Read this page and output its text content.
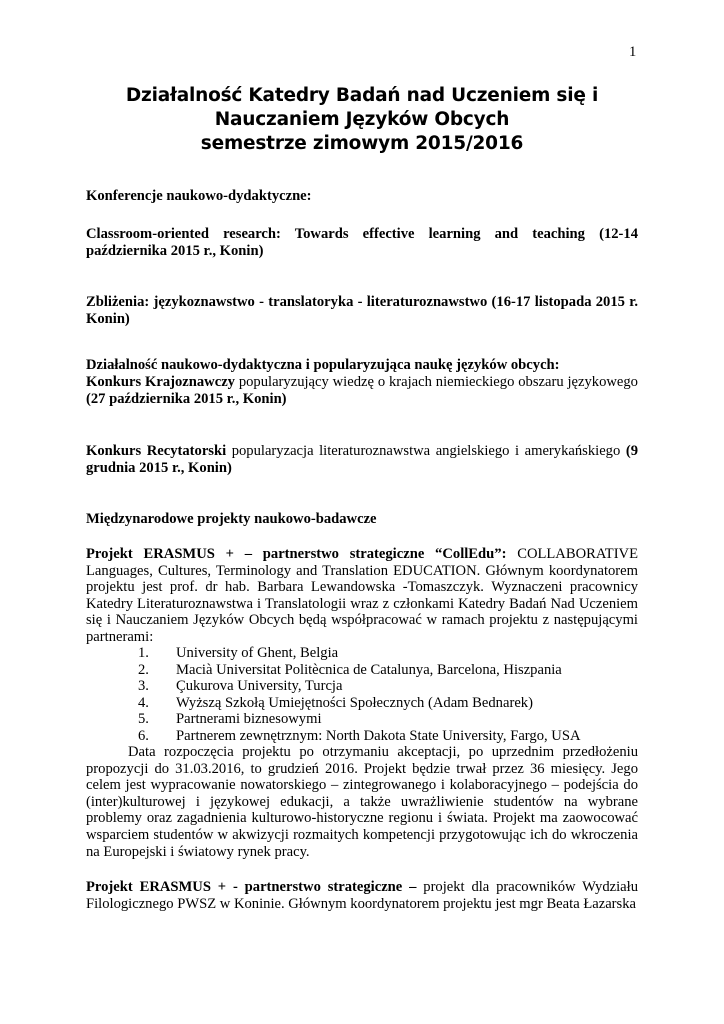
1
Działalność Katedry Badań nad Uczeniem się i
Nauczaniem Języków Obcych
semestrze zimowym 2015/2016
Konferencje naukowo-dydaktyczne:
Classroom-oriented research: Towards effective learning and teaching (12-14 października 2015 r., Konin)
Zbliżenia: językoznawstwo - translatoryka - literaturoznawstwo (16-17 listopada 2015 r. Konin)
Działalność naukowo-dydaktyczna i popularyzująca naukę języków obcych:
Konkurs Krajoznawczy popularyzujący wiedzę o krajach niemieckiego obszaru językowego (27 października 2015 r., Konin)
Konkurs Recytatorski popularyzacja literaturoznawstwa angielskiego i amerykańskiego (9 grudnia 2015 r., Konin)
Międzynarodowe projekty naukowo-badawcze
Projekt ERASMUS + – partnerstwo strategiczne “CollEdu”: COLLABORATIVE Languages, Cultures, Terminology and Translation EDUCATION. Głównym koordynatorem projektu jest prof. dr hab. Barbara Lewandowska -Tomaszczyk. Wyznaczeni pracownicy Katedry Literaturoznawstwa i Translatologii wraz z członkami Katedry Badań Nad Uczeniem się i Nauczaniem Języków Obcych będą współpracować w ramach projektu z następującymi partnerami:
1. University of Ghent, Belgia
2. Macià Universitat Politècnica de Catalunya, Barcelona, Hiszpania
3. Çukurova University, Turcja
4. Wyższą Szkołą Umiejętności Społecznych (Adam Bednarek)
5. Partnerami biznesowymi
6. Partnerem zewnętrznym: North Dakota State University, Fargo, USA
Data rozpoczęcia projektu po otrzymaniu akceptacji, po uprzednim przedłożeniu propozycji do 31.03.2016, to grudzień 2016. Projekt będzie trwał przez 36 miesięcy. Jego celem jest wypracowanie nowatorskiego – zintegrowanego i kolaboracyjnego – podejścia do (inter)kulturowej i językowej edukacji, a także uwrażliwienie studentów na wybrane problemy oraz zagadnienia kulturowo-historyczne regionu i świata. Projekt ma zaowocować wsparciem studentów w akwizycji rozmaitych kompetencji przygotowując ich do wkroczenia na Europejski i światowy rynek pracy.
Projekt ERASMUS + - partnerstwo strategiczne – projekt dla pracowników Wydziału Filologicznego PWSZ w Koninie. Głównym koordynatorem projektu jest mgr Beata Łazarska
